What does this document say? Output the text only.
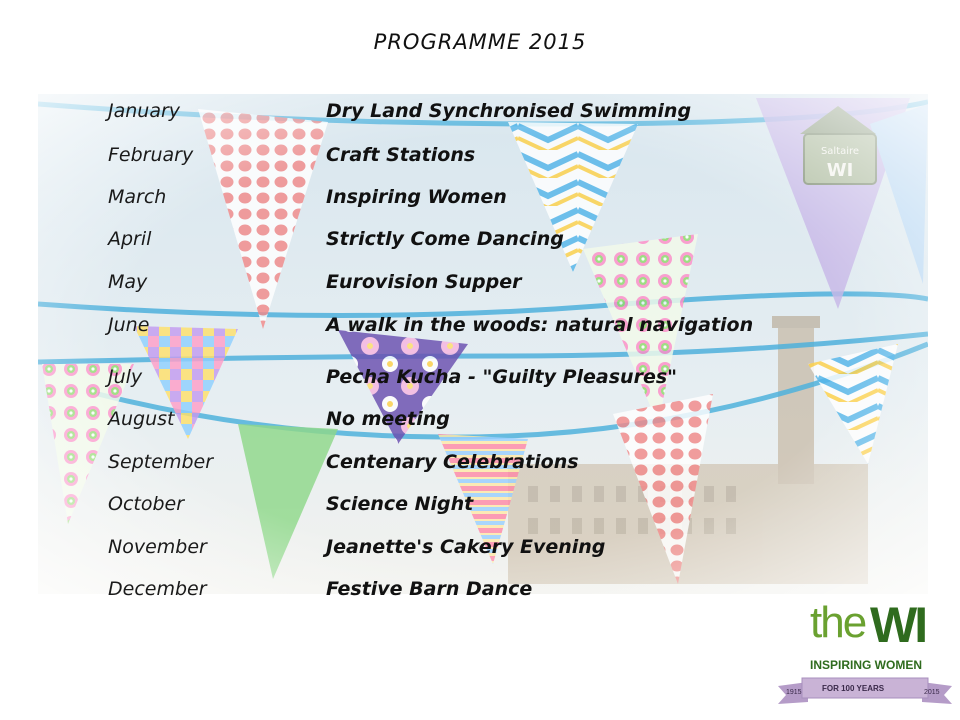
PROGRAMME 2015
January	Dry Land Synchronised Swimming
February	Craft Stations
March	Inspiring Women
April	Strictly Come Dancing
May	Eurovision Supper
June	A walk in the woods: natural navigation
July	Pecha Kucha - "Guilty Pleasures"
August	No meeting
September	Centenary Celebrations
October	Science Night
November	Jeanette's Cakery Evening
December	Festive Barn Dance
the WI
INSPIRING WOMEN
FOR 100 YEARS
1915	2015
